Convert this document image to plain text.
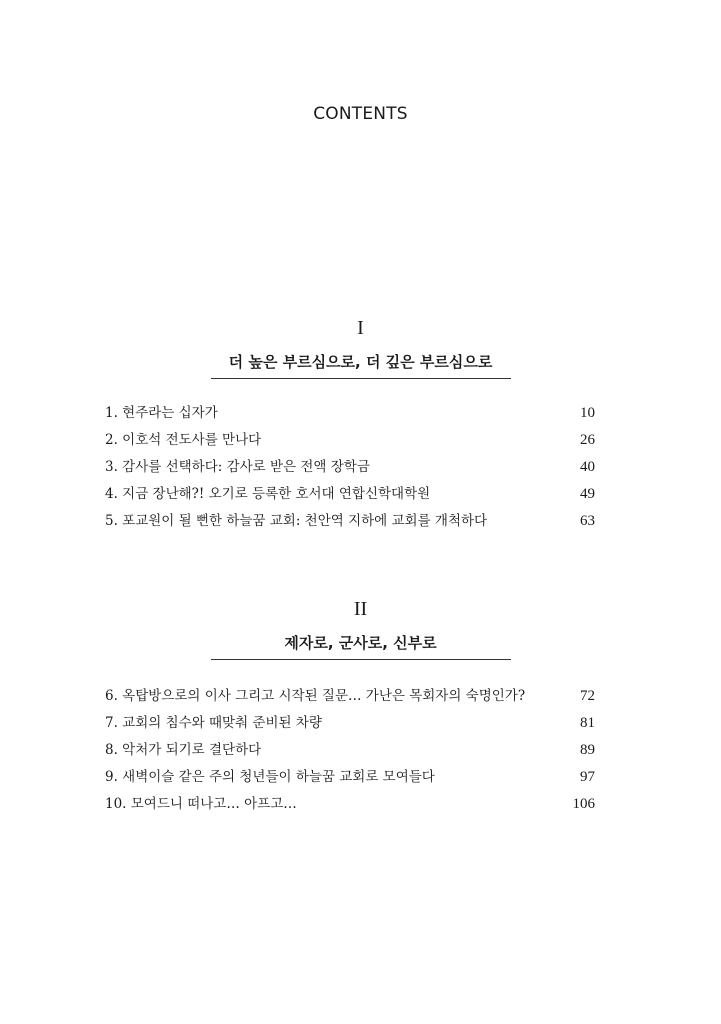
CONTENTS
I
더 높은 부르심으로, 더 깊은 부르심으로
1. 현주라는 십자가	10
2. 이호석 전도사를 만나다	26
3. 감사를 선택하다: 감사로 받은 전액 장학금	40
4. 지금 장난해?! 오기로 등록한 호서대 연합신학대학원	49
5. 포교원이 될 뻔한 하늘꿈 교회: 천안역 지하에 교회를 개척하다	63
II
제자로, 군사로, 신부로
6. 옥탑방으로의 이사 그리고 시작된 질문… 가난은 목회자의 숙명인가?	72
7. 교회의 침수와 때맞춰 준비된 차량	81
8. 악처가 되기로 결단하다	89
9. 새벽이슬 같은 주의 청년들이 하늘꿈 교회로 모여들다	97
10. 모여드니 떠나고… 아프고…	106
